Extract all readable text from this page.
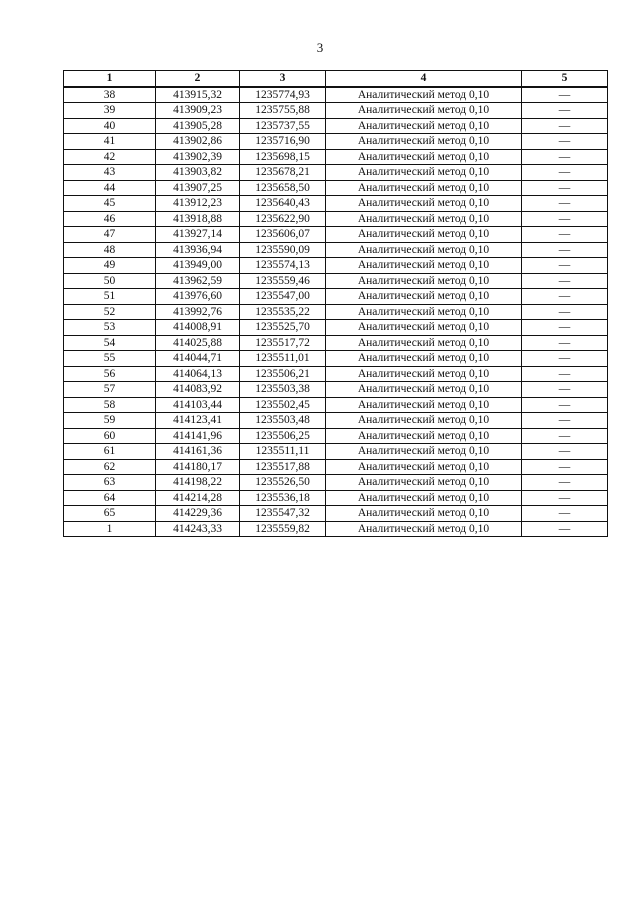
3
1	2	3	4	5
38	413915,32	1235774,93	Аналитический метод 0,10	—
39	413909,23	1235755,88	Аналитический метод 0,10	—
40	413905,28	1235737,55	Аналитический метод 0,10	—
41	413902,86	1235716,90	Аналитический метод 0,10	—
42	413902,39	1235698,15	Аналитический метод 0,10	—
43	413903,82	1235678,21	Аналитический метод 0,10	—
44	413907,25	1235658,50	Аналитический метод 0,10	—
45	413912,23	1235640,43	Аналитический метод 0,10	—
46	413918,88	1235622,90	Аналитический метод 0,10	—
47	413927,14	1235606,07	Аналитический метод 0,10	—
48	413936,94	1235590,09	Аналитический метод 0,10	—
49	413949,00	1235574,13	Аналитический метод 0,10	—
50	413962,59	1235559,46	Аналитический метод 0,10	—
51	413976,60	1235547,00	Аналитический метод 0,10	—
52	413992,76	1235535,22	Аналитический метод 0,10	—
53	414008,91	1235525,70	Аналитический метод 0,10	—
54	414025,88	1235517,72	Аналитический метод 0,10	—
55	414044,71	1235511,01	Аналитический метод 0,10	—
56	414064,13	1235506,21	Аналитический метод 0,10	—
57	414083,92	1235503,38	Аналитический метод 0,10	—
58	414103,44	1235502,45	Аналитический метод 0,10	—
59	414123,41	1235503,48	Аналитический метод 0,10	—
60	414141,96	1235506,25	Аналитический метод 0,10	—
61	414161,36	1235511,11	Аналитический метод 0,10	—
62	414180,17	1235517,88	Аналитический метод 0,10	—
63	414198,22	1235526,50	Аналитический метод 0,10	—
64	414214,28	1235536,18	Аналитический метод 0,10	—
65	414229,36	1235547,32	Аналитический метод 0,10	—
1	414243,33	1235559,82	Аналитический метод 0,10	—
